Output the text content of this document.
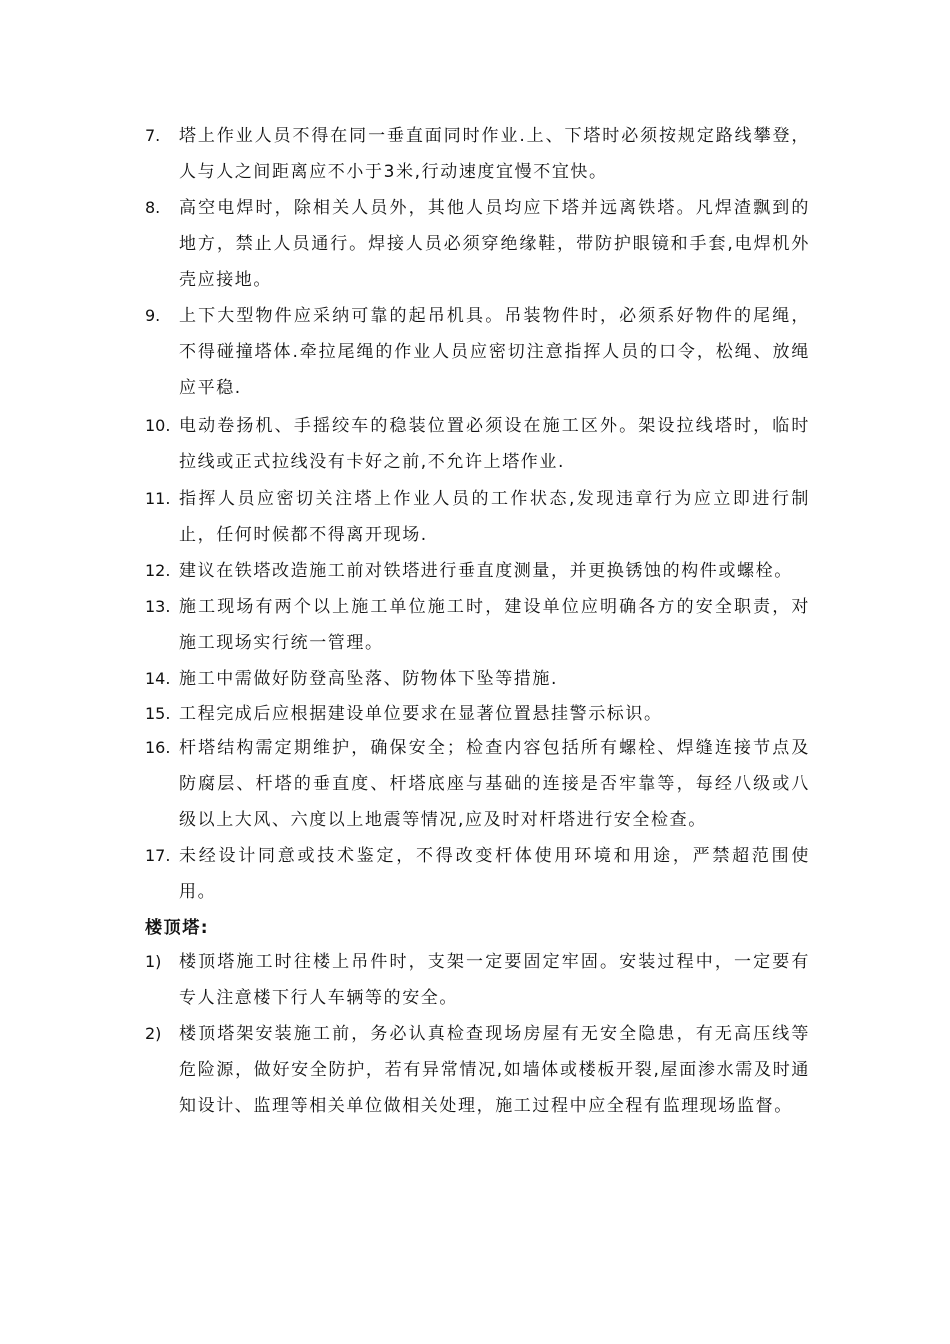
7. 塔上作业人员不得在同一垂直面同时作业.上、下塔时必须按规定路线攀登，人与人之间距离应不小于3米,行动速度宜慢不宜快。
8. 高空电焊时，除相关人员外，其他人员均应下塔并远离铁塔。凡焊渣飘到的地方，禁止人员通行。焊接人员必须穿绝缘鞋，带防护眼镜和手套,电焊机外壳应接地。
9. 上下大型物件应采纳可靠的起吊机具。吊装物件时，必须系好物件的尾绳，不得碰撞塔体.牵拉尾绳的作业人员应密切注意指挥人员的口令，松绳、放绳应平稳.
10. 电动卷扬机、手摇绞车的稳装位置必须设在施工区外。架设拉线塔时，临时拉线或正式拉线没有卡好之前,不允许上塔作业.
11. 指挥人员应密切关注塔上作业人员的工作状态,发现违章行为应立即进行制止，任何时候都不得离开现场.
12. 建议在铁塔改造施工前对铁塔进行垂直度测量，并更换锈蚀的构件或螺栓。
13. 施工现场有两个以上施工单位施工时，建设单位应明确各方的安全职责，对施工现场实行统一管理。
14. 施工中需做好防登高坠落、防物体下坠等措施.
15. 工程完成后应根据建设单位要求在显著位置悬挂警示标识。
16. 杆塔结构需定期维护，确保安全；检查内容包括所有螺栓、焊缝连接节点及防腐层、杆塔的垂直度、杆塔底座与基础的连接是否牢靠等，每经八级或八级以上大风、六度以上地震等情况,应及时对杆塔进行安全检查。
17. 未经设计同意或技术鉴定，不得改变杆体使用环境和用途，严禁超范围使用。
楼顶塔:
1) 楼顶塔施工时往楼上吊件时，支架一定要固定牢固。安装过程中，一定要有专人注意楼下行人车辆等的安全。
2) 楼顶塔架安装施工前，务必认真检查现场房屋有无安全隐患，有无高压线等危险源，做好安全防护，若有异常情况,如墙体或楼板开裂,屋面渗水需及时通知设计、监理等相关单位做相关处理，施工过程中应全程有监理现场监督。
